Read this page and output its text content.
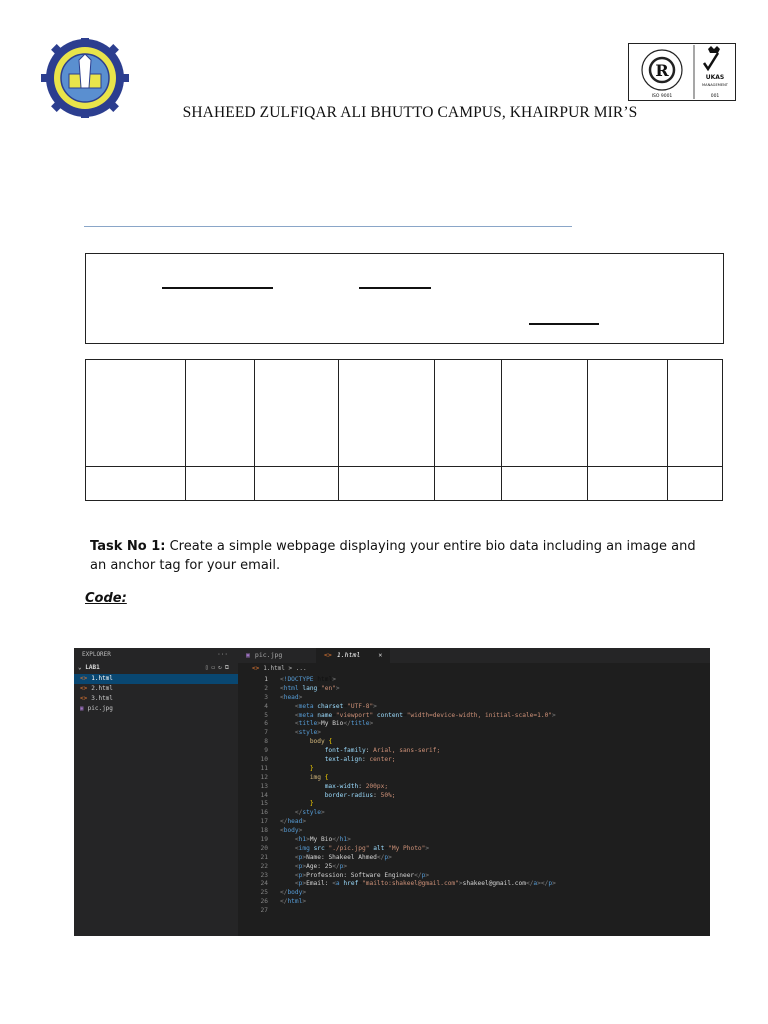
R
ISO 9001
UKAS
MANAGEMENT
001
SHAHEED ZULFIQAR ALI BHUTTO CAMPUS, KHAIRPUR MIR’S

Task No 1: Create a simple webpage displaying your entire bio data including an image and an anchor tag for your email.
Code:
EXPLORER	···
⌄ LAB1	▯▭↻⧉
<> 1.html
<> 2.html
<> 3.html
▣ pic.jpg
▣ pic.jpg	<> 1.html	✕
<> 1.html > ...
1 <!DOCTYPE html>
2 <html lang="en">
3 <head>
4	<meta charset="UTF-8">
5	<meta name="viewport" content="width=device-width, initial-scale=1.0">
6	<title>My Bio</title>
7	<style>
8	body {
9	font-family: Arial, sans-serif;
10	text-align: center;
11	}
12	img {
13	max-width: 200px;
14	border-radius: 50%;
15	}
16	</style>
17 </head>
18 <body>
19	<h1>My Bio</h1>
20	<img src="./pic.jpg" alt="My Photo">
21	<p>Name: Shakeel Ahmed</p>
22	<p>Age: 25</p>
23	<p>Profession: Software Engineer</p>
24	<p>Email: <a href="mailto:shakeel@gmail.com">shakeel@gmail.com</a></p>
25 </body>
26 </html>
27
